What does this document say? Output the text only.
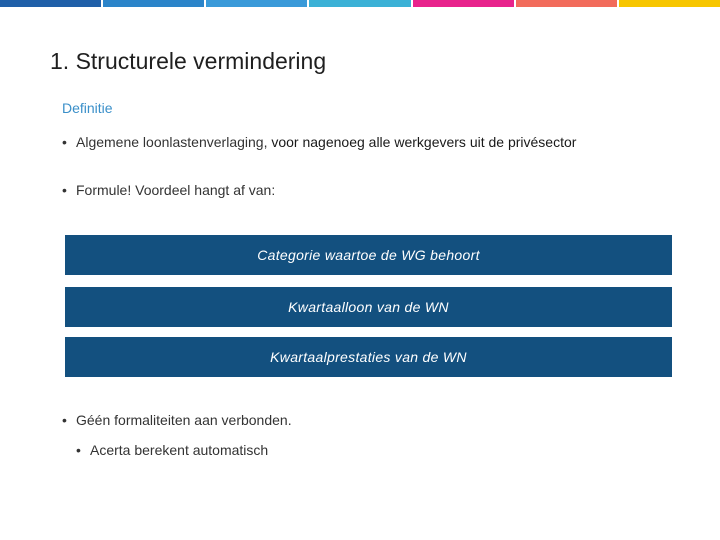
1. Structurele vermindering
Definitie
• Algemene loonlastenverlaging, voor nagenoeg alle werkgevers uit de privésector
• Formule! Voordeel hangt af van:
Categorie waartoe de WG behoort
Kwartaalloon van de WN
Kwartaalprestaties van de WN
• Géén formaliteiten aan verbonden.
• Acerta berekent automatisch
